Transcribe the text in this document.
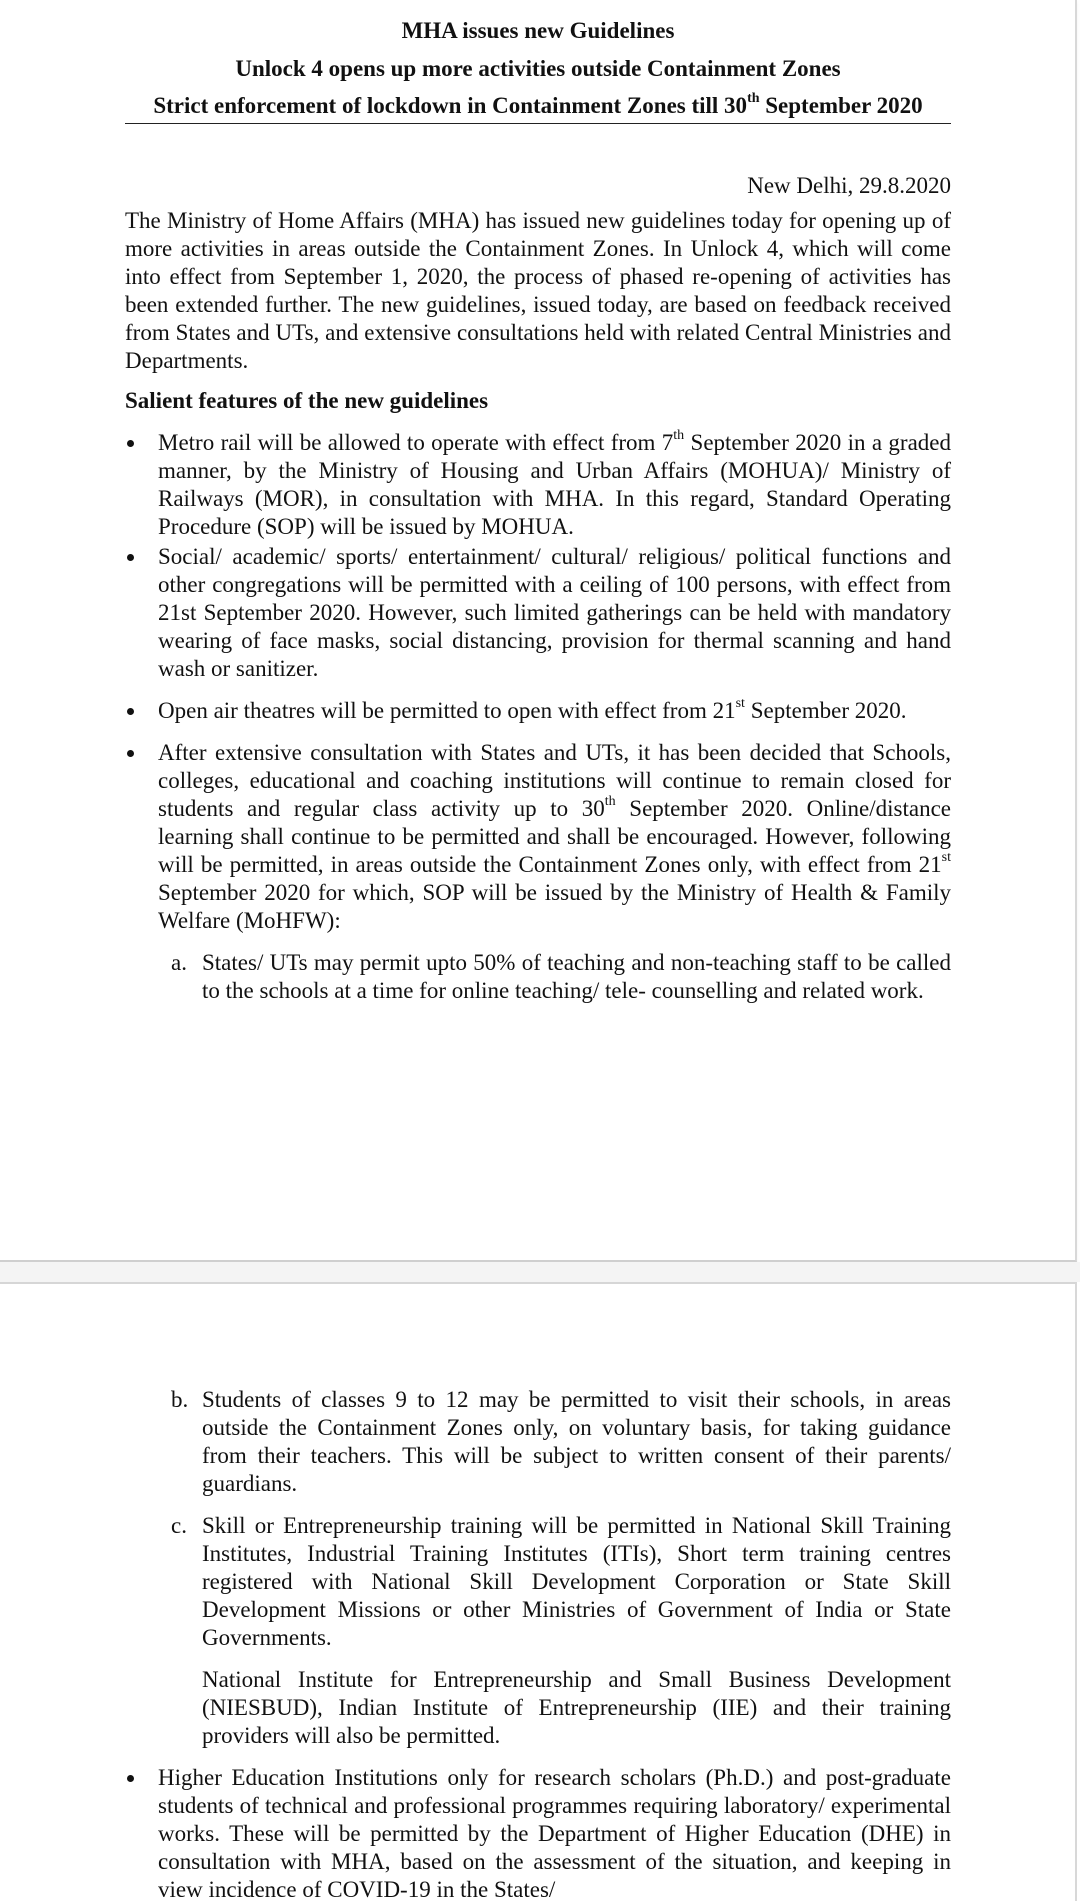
MHA issues new Guidelines
Unlock 4 opens up more activities outside Containment Zones
Strict enforcement of lockdown in Containment Zones till 30th September 2020
New Delhi, 29.8.2020
The Ministry of Home Affairs (MHA) has issued new guidelines today for opening up of more activities in areas outside the Containment Zones. In Unlock 4, which will come into effect from September 1, 2020, the process of phased re-opening of activities has been extended further. The new guidelines, issued today, are based on feedback received from States and UTs, and extensive consultations held with related Central Ministries and Departments.
Salient features of the new guidelines
Metro rail will be allowed to operate with effect from 7th September 2020 in a graded manner, by the Ministry of Housing and Urban Affairs (MOHUA)/ Ministry of Railways (MOR), in consultation with MHA. In this regard, Standard Operating Procedure (SOP) will be issued by MOHUA.
Social/ academic/ sports/ entertainment/ cultural/ religious/ political functions and other congregations will be permitted with a ceiling of 100 persons, with effect from 21st September 2020. However, such limited gatherings can be held with mandatory wearing of face masks, social distancing, provision for thermal scanning and hand wash or sanitizer.
Open air theatres will be permitted to open with effect from 21st September 2020.
After extensive consultation with States and UTs, it has been decided that Schools, colleges, educational and coaching institutions will continue to remain closed for students and regular class activity up to 30th September 2020. Online/distance learning shall continue to be permitted and shall be encouraged. However, following will be permitted, in areas outside the Containment Zones only, with effect from 21st September 2020 for which, SOP will be issued by the Ministry of Health & Family Welfare (MoHFW):
a. States/ UTs may permit upto 50% of teaching and non-teaching staff to be called to the schools at a time for online teaching/ tele- counselling and related work.
b. Students of classes 9 to 12 may be permitted to visit their schools, in areas outside the Containment Zones only, on voluntary basis, for taking guidance from their teachers. This will be subject to written consent of their parents/ guardians.
c. Skill or Entrepreneurship training will be permitted in National Skill Training Institutes, Industrial Training Institutes (ITIs), Short term training centres registered with National Skill Development Corporation or State Skill Development Missions or other Ministries of Government of India or State Governments.
National Institute for Entrepreneurship and Small Business Development (NIESBUD), Indian Institute of Entrepreneurship (IIE) and their training providers will also be permitted.
Higher Education Institutions only for research scholars (Ph.D.) and post-graduate students of technical and professional programmes requiring laboratory/ experimental works. These will be permitted by the Department of Higher Education (DHE) in consultation with MHA, based on the assessment of the situation, and keeping in view incidence of COVID-19 in the States/
